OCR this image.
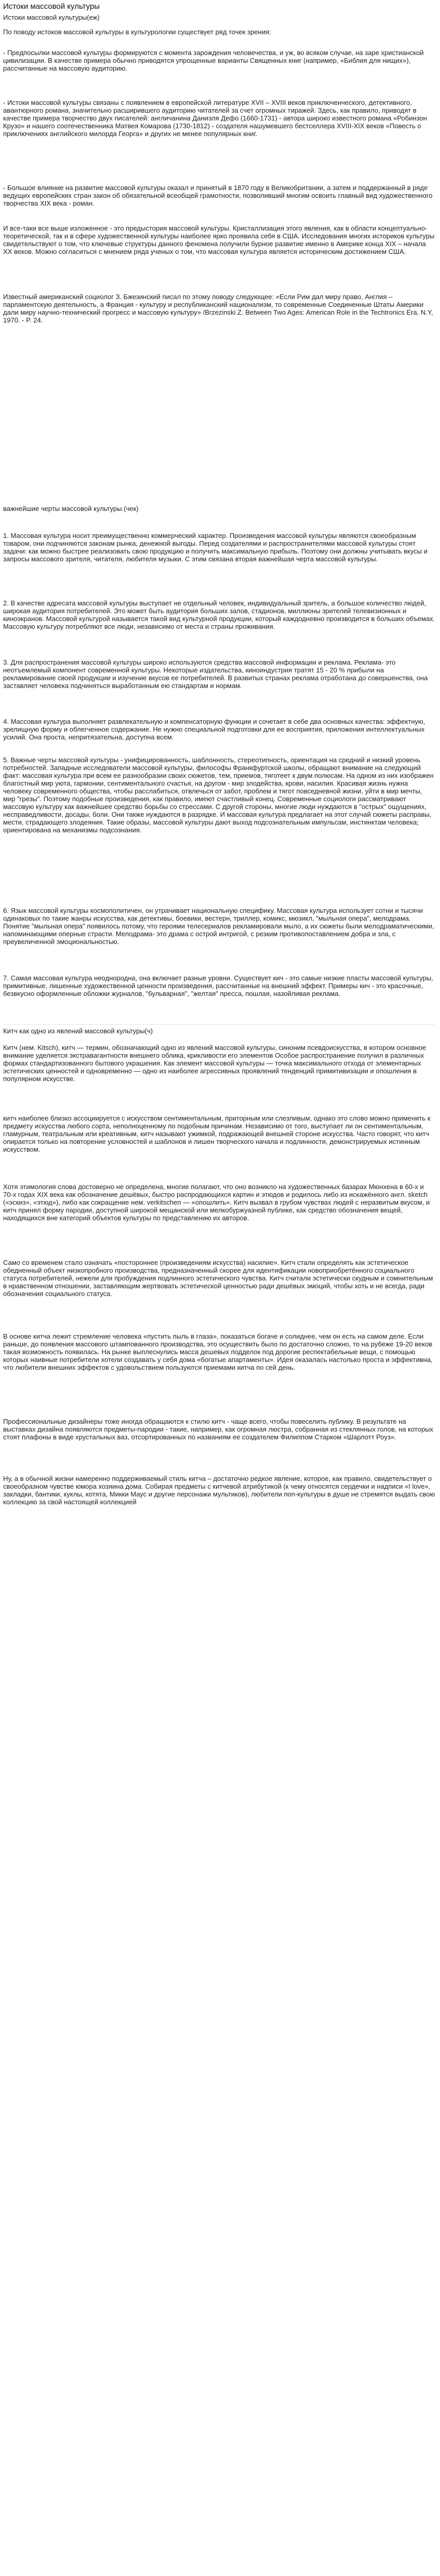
Истоки массовой культуры
Истоки массовой культуры(еж)

По поводу истоков массовой культуры в культурологии существует ряд точек зрения:

- Предпосылки массовой культуры формируются с момента зарождения человечества, и уж, во всяком случае, на заре христианской цивилизации. В качестве примера обычно приводятся упрощенные варианты Священных книг (например, «Библия для нищих»), рассчитанные на массовую аудиторию.

- Истоки массовой культуры связаны с появлением в европейской литературе XVII – XVIII веков приключенческого, детективного, авантюрного романа, значительно расширившего аудиторию читателей за счет огромных тиражей. Здесь, как правило, приводят в качестве примера творчество двух писателей: англичанина Даниэля Дефо (1660-1731) - автора широко известного романа «Робинзон Крузо» и нашего соотечественника Матвея Комарова (1730-1812) - создателя нашумевшего бестселлера XVIII-XIX веков «Повесть о приключениях английского милорда Георга» и других не менее популярных книг.

- Большое влияние на развитие массовой культуры оказал и принятый в 1870 году в Великобритании, а затем и поддержанный в ряде ведущих европейских стран закон об обязательной всеобщей грамотности, позволивший многим освоить главный вид художественного творчества XIX века - роман.

И все-таки все выше изложенное - это предыстория массовой культуры. Кристаллизация этого явления, как в области концептуально-теоретической, так и в сфере художественной культуры наиболее ярко проявила себя в США. Исследования многих историков культуры свидетельствуют о том, что ключевые структуры данного феномена получили бурное развитие именно в Америке конца XIX – начала XX веков. Можно согласиться с мнением ряда ученых о том, что массовая культура является историческим достижением США.

Известный американский социолог З. Бжезинский писал по этому поводу следующее: «Если Рим дал миру право, Англия – парламентскую деятельность, а Франция - культуру и республиканский национализм, то современные Соединенные Штаты Америки дали миру научно-технический прогресс и массовую культуру» /Brzezinski Z. Between Two Ages: American Role in the Techtronics Era. N.Y, 1970. - P. 24.

важнейшие черты массовой культуры.(чек)

1. Массовая культура носит преимущественно коммерческий характер. Произведения массовой культуры являются своеобразным товаром, они подчиняются законам рынка, денежной выгоды. Перед создателями и распространителями массовой культуры стоят задачи: как можно быстрее реализовать свою продукцию и получить максимальную прибыль. Поэтому они должны учитывать вкусы и запросы массового зрителя, читателя, любителя музыки. С этим связана вторая важнейшая черта массовой культуры.

2. В качестве адресата массовой культуры выступает не отдельный человек, индивидуальный зритель, а большое количество людей, широкая аудитория потребителей. Это может быть аудитория больших залов, стадионов, миллионы зрителей телевизионных и киноэкранов. Массовой культурой называется такой вид культурной продукции, который каждодневно производится в больших объемах. Массовую культуру потребляют все люди, независимо от места и страны проживания.

3. Для распространения массовой культуры широко используются средства массовой информации и реклама. Реклама- это неотъемлемый компонент современной культуры. Некоторые издательства, киноиндустрия тратят 15 - 20 % прибыли на рекламирование своей продукции и изучение вкусов ее потребителей. В развитых странах реклама отработана до совершенства, она заставляет человека подчиняться выработанным ею стандартам и нормам.

4. Массовая культура выполняет развлекательную и компенсаторную функции и сочетает в себе два основных качества: эффектную, зрелищную форму и облегченное содержание. Не нужно специальной подготовки для ее восприятия, приложения интеллектуальных усилий. Она проста, непритязательна, доступна всем.

5. Важные черты массовой культуры - унифицированность, шаблонность, стереотипность, ориентация на средний и низкий уровень потребностей. Западные исследователи массовой культуры, философы Франкфуртской школы, обращают внимание на следующий факт: массовая культура при всем ее разнообразии своих сюжетов, тем, приемов, тяготеет к двум полюсам. На одном из них изображен благостный мир уюта, гармонии, сентиментального счастья, на другом - мир злодейства, крови, насилия. Красивая жизнь нужна человеку современного общества, чтобы расслабиться, отвлечься от забот, проблем и тягот повседневной жизни, уйти в мир мечты, мир "грезы". Поэтому подобные произведения, как правило, имеют счастливый конец. Современные социологи рассматривают массовую культуру как важнейшее средство борьбы со стрессами. С другой стороны, многие люди нуждаются в "острых" ощущениях, неспрaведливости, досады, боли. Они также нуждаются в разрядке. И массовая культура предлагает на этот случай сюжеты расправы, мести, страдающего злодеяния. Такие образы, массовой культуры дают выход подсознательным импульсам, инстинктам человека; ориентирована на механизмы подсознания.

6. Язык массовой культуры космополитичен, он утрачивает национальную специфику. Массовая культура использует сотни и тысячи одинаковых по такие жанры искусства, как детективы, боевики, вестерн, триллер, комикс, мюзикл, "мыльная опера", мелодрама. Понятие "мыльная опера" появилось потому, что героями телесериалов рекламировали мыло, а их сюжеты были мелодраматическими, напоминающими оперные страсти. Мелодрама- это драма с острой интригой, с резким противопоставлением добра и зла, с преувеличенной эмоциональностью.

7. Самая массовая культура неоднородна, она включает разные уровни. Существует кич - это самые низкие пласты массовой культуры, примитивные, лишенные художественной ценности произведения, рассчитанные на внешний эффект. Примеры кич - это красочные, безвкусно оформленные обложки журналов, "бульварная", "желтая" пресса, пошлая, назойливая реклама.

Китч как одно из явлений массовой культуры(ч)

Китч (нем. Kitsch), китч — термин, обозначающий одно из явлений массовой культуры, синоним псевдоискусства, в котором основное внимание уделяется экстравагантности внешнего облика, крикливости его элементов Особое распространение получил в различных формах стандартизованного бытового украшения. Как элемент массовой культуры — точка максимального отхода от элементарных эстетических ценностей и одновременно — одно из наиболее агрессивных проявлений тенденций примитивизации и опошления в популярном искусстве.

китч наиболее близко ассоциируется с искусством сентиментальным, приторным или слезливым, однако это слово можно применить к предмету искусства любого сорта, неполноценному по подобным причинам. Независимо от того, выступает ли он сентиментальным, гламурным, театральным или креативным, китч называют ужимкой, подражающей внешней стороне искусства. Часто говорят, что китч опирается только на повторение условностей и шаблонов и лишен творческого начала и подлинности, демонстрируемых истинным искусством.

Хотя этимология слова достоверно не определена, многие полагают, что оно возникло на художественных базарах Мюнхена в 60-х и 70-х годах XIX века как обозначение дешёвых, быстро распродающихся картин и этюдов и родилось либо из искажённого англ. sketch («эскиз», «этюд»), либо как сокращение нем. verkitschen — «опошлить». Китч вызвал в грубом чувствах людей с неразвитым вкусом, и китч принял форму пародии, доступной широкой мещанской или мелкобуржуазной публике, как средство обозначения вещей, находящихся вне категорий объектов культуры по представлению их авторов.

Само со временем стало означать «постороннее (произведениям искусства) насилие». Китч стали определять как эстетическое обедненный объект низкопробного производства, предназначенный скорее для идентификации новоприобретённого социального статуса потребителей, нежели для пробуждения подлинного эстетического чувства. Китч считали эстетически скудным и сомнительным в нравственном отношении, заставляющим жертвовать эстетической ценностью ради дешёвых эмоций, чтобы хоть и не всегда, ради обозначения социального статуса.

В основе китча лежит стремление человека «пустить пыль в глаза», показаться богаче и солиднее, чем он есть на самом деле. Если раньше, до появления массового штампованного производства, это осуществить было по достаточно сложно, то на рубеже 19-20 веков такая возможность появилась. На рынке выплеснулись масса дешевых подделок под дорогие респектабельные вещи, с помощью которых наивные потребители хотели создавать у себя дома «богатые апартаменты». Идея оказалась настолько проста и эффективна, что любители внешних эффектов с удовольствием пользуются приемами китча по сей день.

Профессиональные дизайнеры тоже иногда обращаются к стилю китч - чаще всего, чтобы повеселить публику. В результате на выставках дизайна появляются предметы-пародии - такие, например, как огромная люстра, собранная из стеклянных голов, на которых стоят плафоны в виде хрустальных ваз, отсортированных по названиям ее создателем Филиппом Старком «Шарлотт Роуз».

Ну, а в обычной жизни намеренно поддерживаемый стиль китча – достаточно редкое явление, которое, как правило, свидетельствует о своеобразном чувстве юмора хозяина дома. Собирая предметы с китчевой атрибутикой (к чему относятся сердечки и надписи «I love», закладки, бантики, куклы, котята, Микки Маус и другие персонажи мультиков), любители поп-культуры в душе не стремятся выдать свою коллекцию за свой настоящей коллекцией
